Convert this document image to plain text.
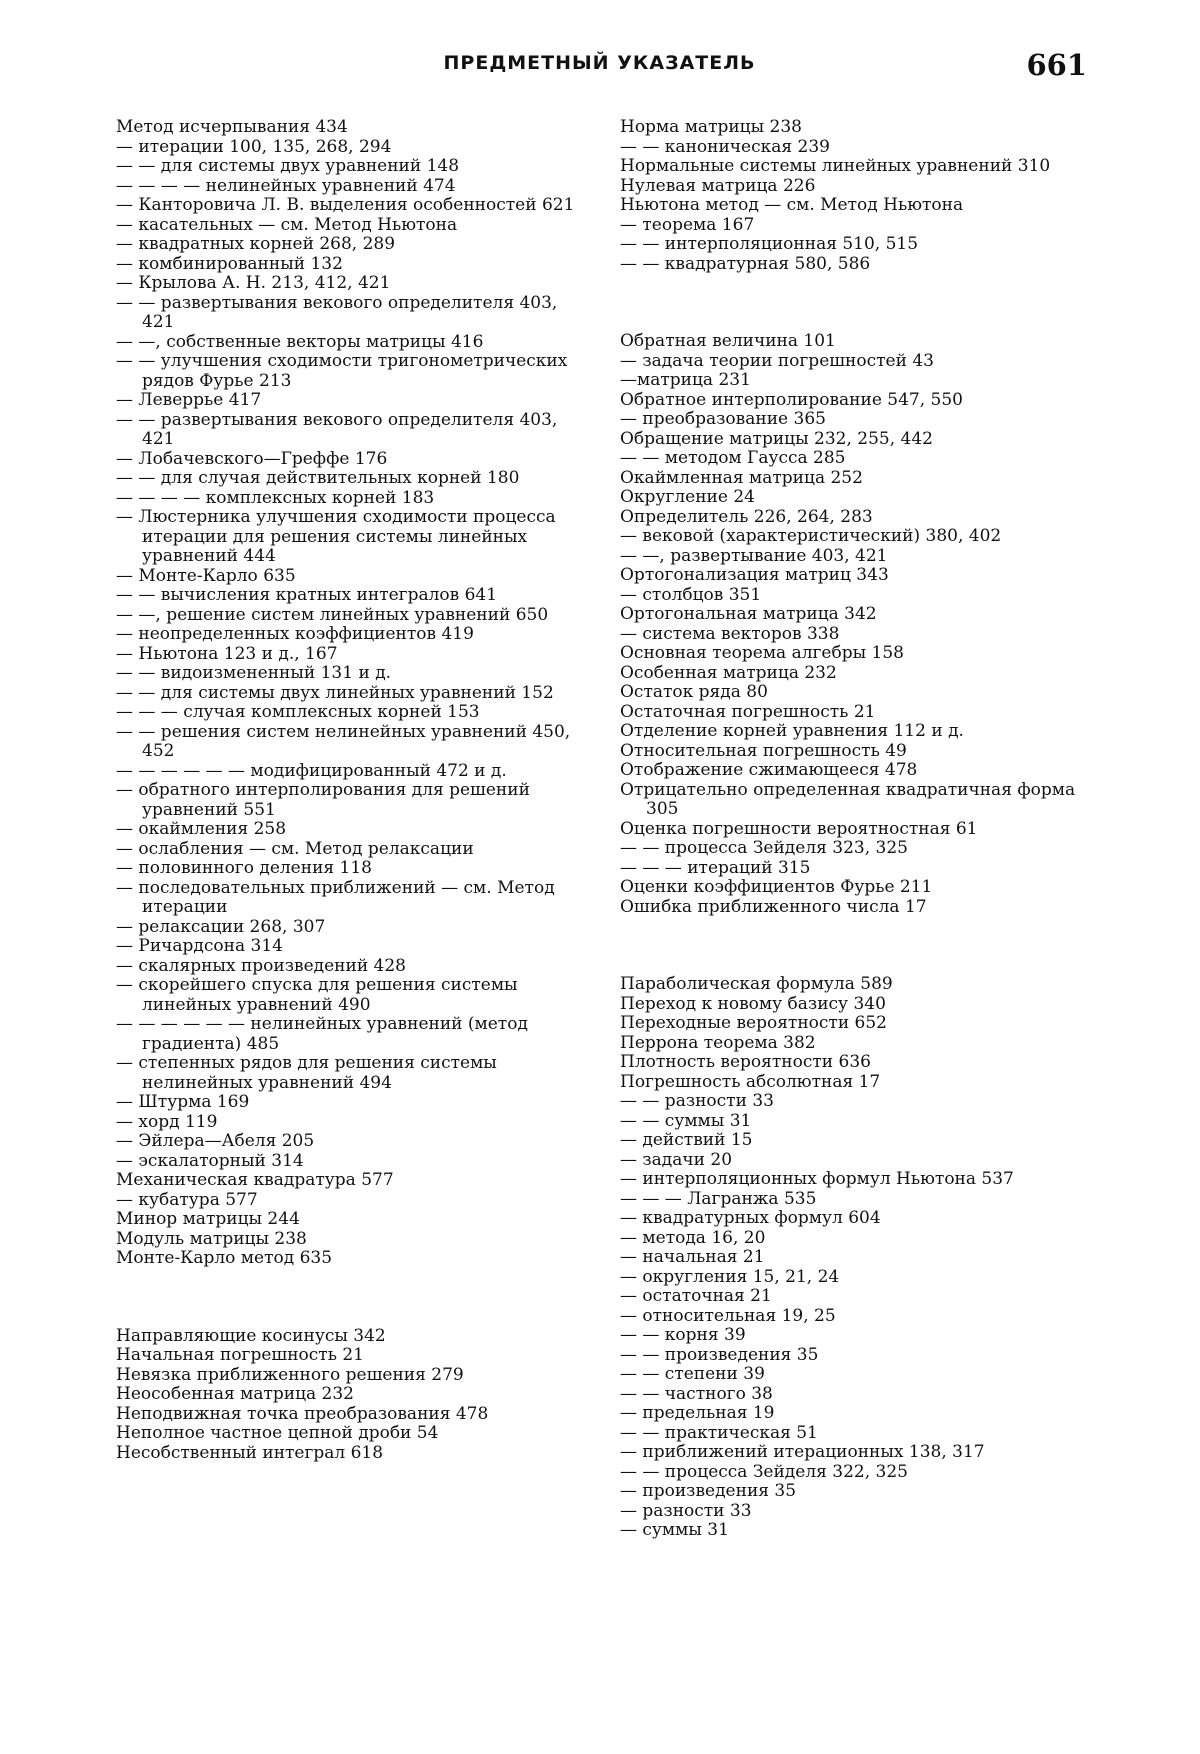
ПРЕДМЕТНЫЙ УКАЗАТЕЛЬ	661
Метод исчерпывания 434
— итерации 100, 135, 268, 294
— — для системы двух уравнений 148
— — — — нелинейных уравнений 474
— Канторовича Л. В. выделения особенностей 621
— касательных — см. Метод Ньютона
— квадратных корней 268, 289
— комбинированный 132
— Крылова А. Н. 213, 412, 421
— — развертывания векового определителя 403, 421
— —, собственные векторы матрицы 416
— — улучшения сходимости тригонометрических рядов Фурье 213
— Леверрье 417
— — развертывания векового определителя 403, 421
— Лобачевского—Греффе 176
— — для случая действительных корней 180
— — — — комплексных корней 183
— Люстерника улучшения сходимости процесса итерации для решения системы линейных уравнений 444
— Монте-Карло 635
— — вычисления кратных интегралов 641
— —, решение систем линейных уравнений 650
— неопределенных коэффициентов 419
— Ньютона 123 и д., 167
— — видоизмененный 131 и д.
— — для системы двух линейных уравнений 152
— — — случая комплексных корней 153
— — решения систем нелинейных уравнений 450, 452
— — — — — — модифицированный 472 и д.
— обратного интерполирования для решений уравнений 551
— окаймления 258
— ослабления — см. Метод релаксации
— половинного деления 118
— последовательных приближений — см. Метод итерации
— релаксации 268, 307
— Ричардсона 314
— скалярных произведений 428
— скорейшего спуска для решения системы линейных уравнений 490
— — — — — — нелинейных уравнений (метод градиента) 485
— степенных рядов для решения системы нелинейных уравнений 494
— Штурма 169
— хорд 119
— Эйлера—Абеля 205
— эскалаторный 314
Механическая квадратура 577
— кубатура 577
Минор матрицы 244
Модуль матрицы 238
Монте-Карло метод 635
Направляющие косинусы 342
Начальная погрешность 21
Невязка приближенного решения 279
Неособенная матрица 232
Неподвижная точка преобразования 478
Неполное частное цепной дроби 54
Несобственный интеграл 618
Норма матрицы 238
— — каноническая 239
Нормальные системы линейных уравнений 310
Нулевая матрица 226
Ньютона метод — см. Метод Ньютона
— теорема 167
— — интерполяционная 510, 515
— — квадратурная 580, 586
Обратная величина 101
— задача теории погрешностей 43
—матрица 231
Обратное интерполирование 547, 550
— преобразование 365
Обращение матрицы 232, 255, 442
— — методом Гаусса 285
Окаймленная матрица 252
Округление 24
Определитель 226, 264, 283
— вековой (характеристический) 380, 402
— —, развертывание 403, 421
Ортогонализация матриц 343
— столбцов 351
Ортогональная матрица 342
— система векторов 338
Основная теорема алгебры 158
Особенная матрица 232
Остаток ряда 80
Остаточная погрешность 21
Отделение корней уравнения 112 и д.
Относительная погрешность 49
Отображение сжимающееся 478
Отрицательно определенная квадратичная форма 305
Оценка погрешности вероятностная 61
— — процесса Зейделя 323, 325
— — — итераций 315
Оценки коэффициентов Фурье 211
Ошибка приближенного числа 17
Параболическая формула 589
Переход к новому базису 340
Переходные вероятности 652
Перрона теорема 382
Плотность вероятности 636
Погрешность абсолютная 17
— — разности 33
— — суммы 31
— действий 15
— задачи 20
— интерполяционных формул Ньютона 537
— — — Лагранжа 535
— квадратурных формул 604
— метода 16, 20
— начальная 21
— округления 15, 21, 24
— остаточная 21
— относительная 19, 25
— — корня 39
— — произведения 35
— — степени 39
— — частного 38
— предельная 19
— — практическая 51
— приближений итерационных 138, 317
— — процесса Зейделя 322, 325
— произведения 35
— разности 33
— суммы 31
